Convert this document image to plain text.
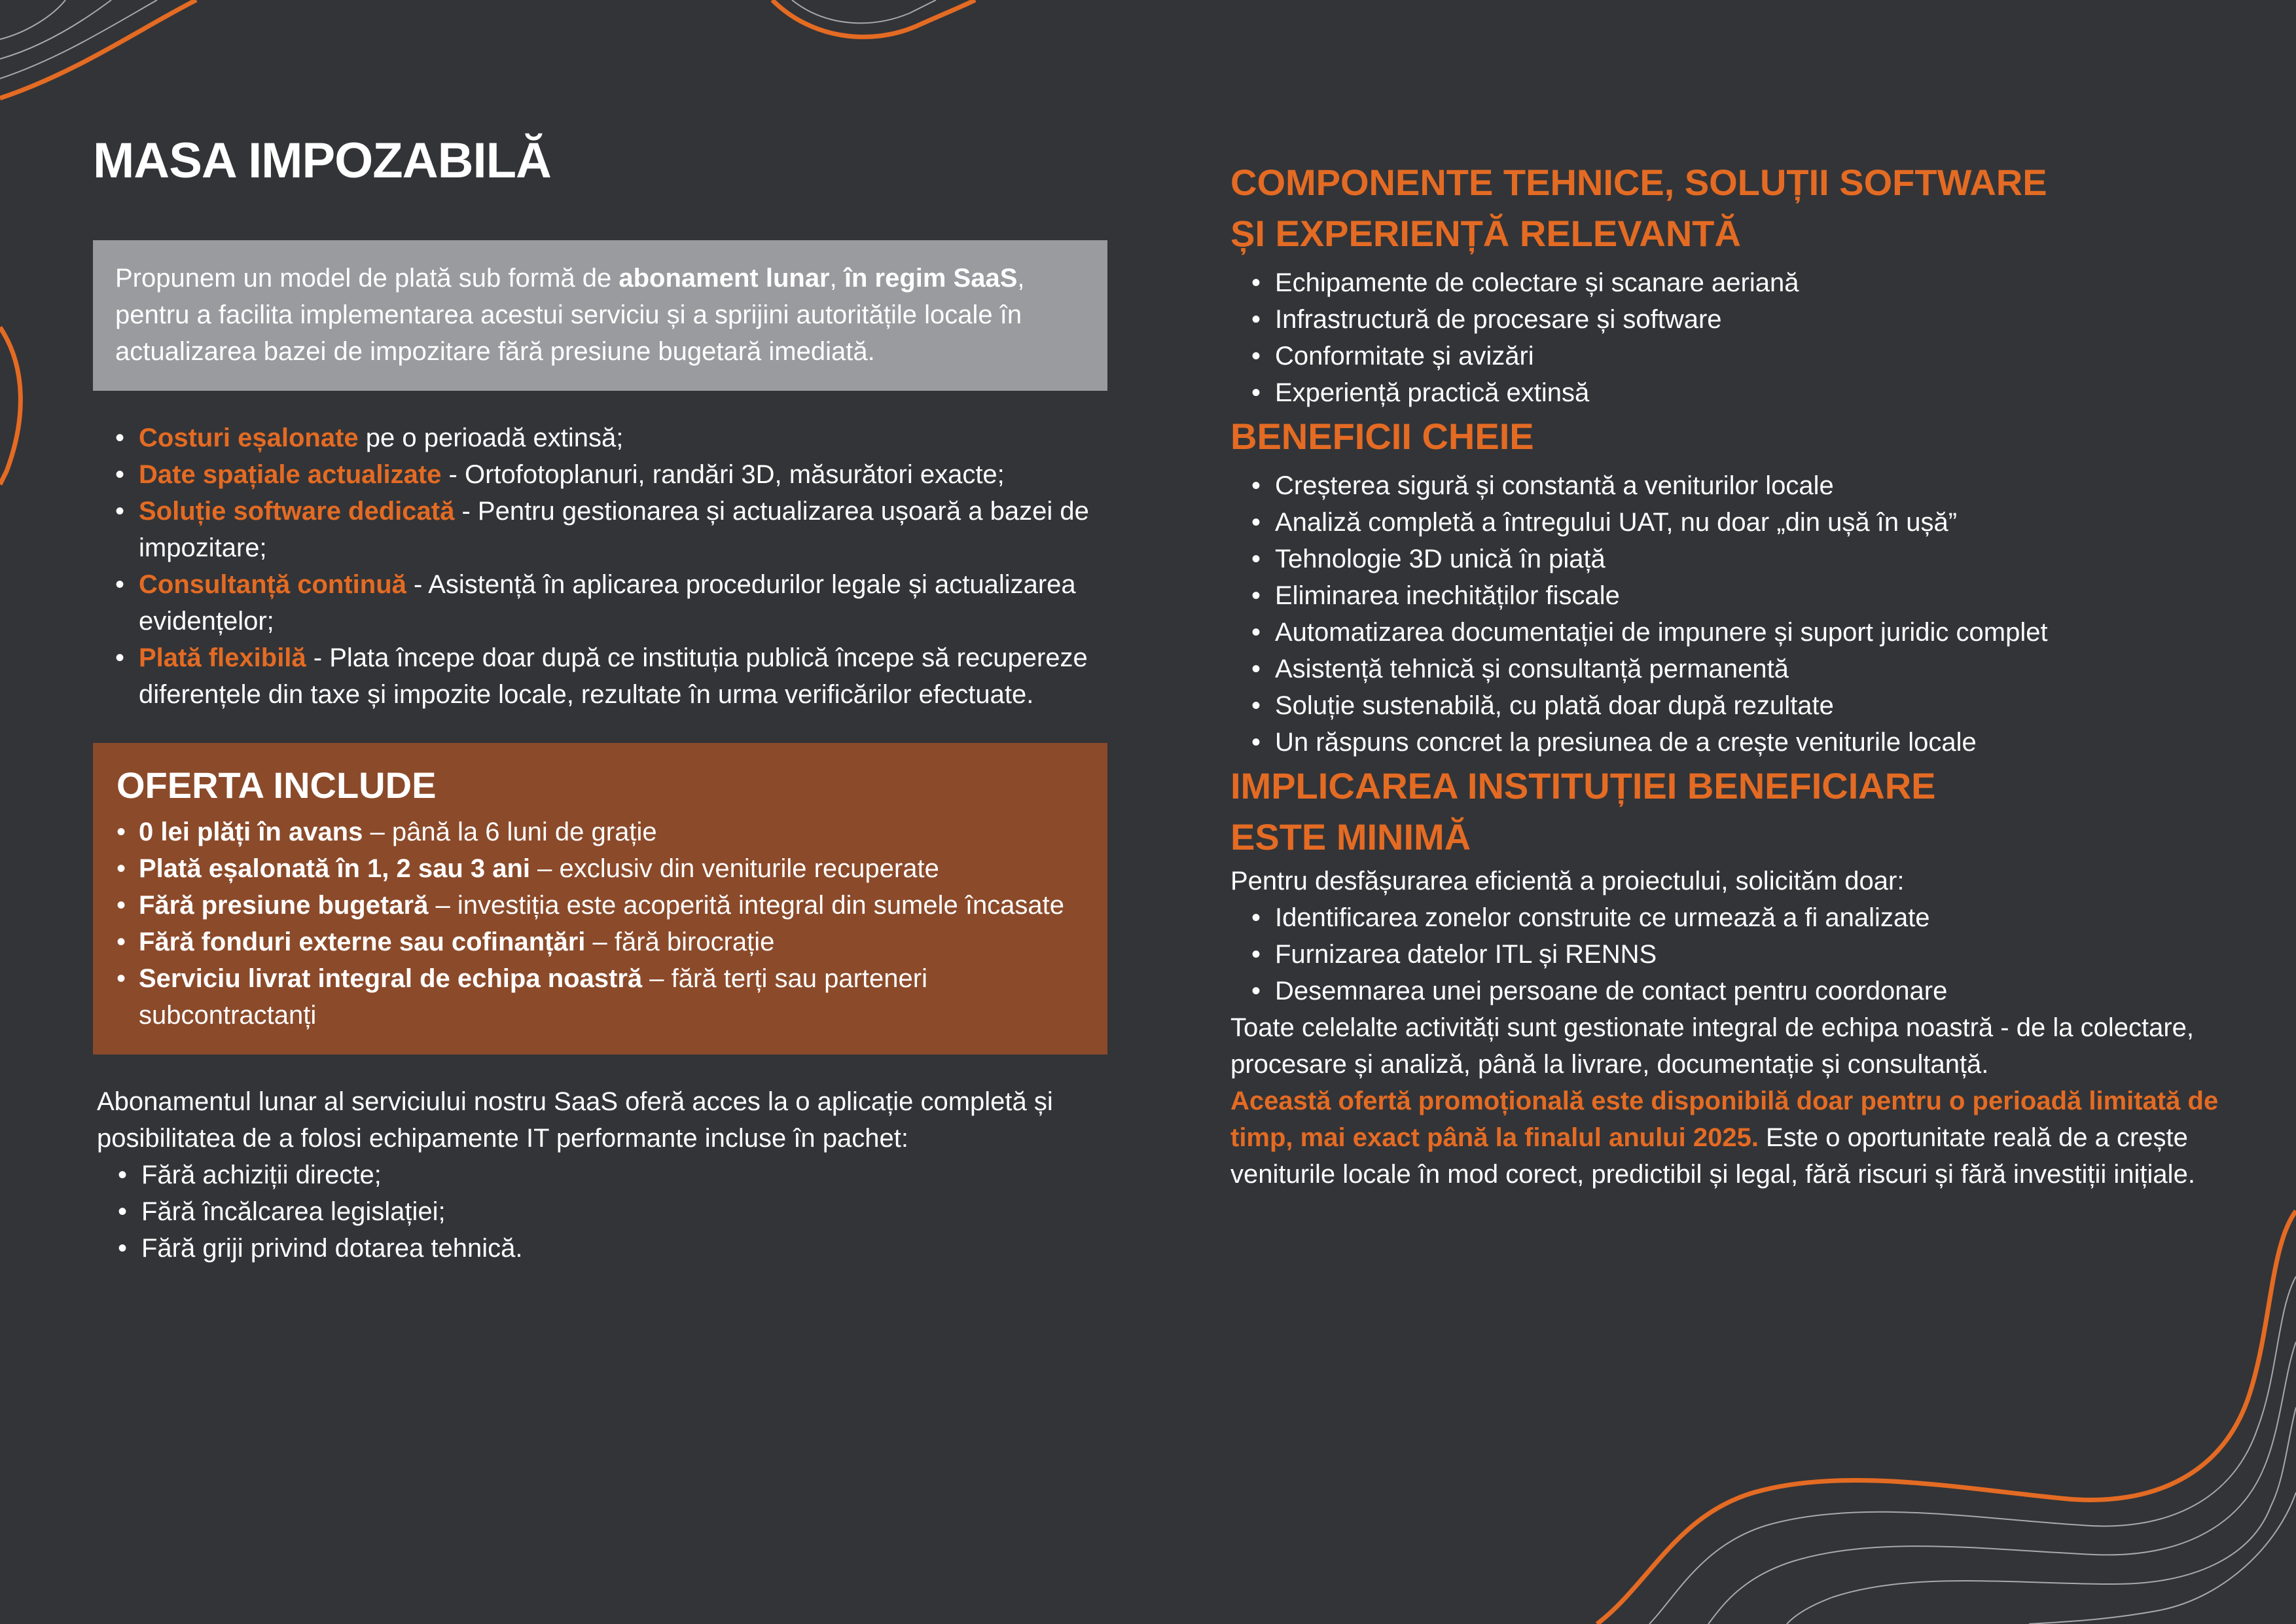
MASA IMPOZABILĂ
Propunem un model de plată sub formă de abonament lunar, în regim SaaS, pentru a facilita implementarea acestui serviciu și a sprijini autoritățile locale în actualizarea bazei de impozitare fără presiune bugetară imediată.
• Costuri eșalonate pe o perioadă extinsă;
• Date spațiale actualizate - Ortofotoplanuri, randări 3D, măsurători exacte;
• Soluție software dedicată - Pentru gestionarea și actualizarea ușoară a bazei de impozitare;
• Consultanță continuă - Asistență în aplicarea procedurilor legale și actualizarea evidențelor;
• Plată flexibilă - Plata începe doar după ce instituția publică începe să recupereze diferențele din taxe și impozite locale, rezultate în urma verificărilor efectuate.
OFERTA INCLUDE
• 0 lei plăți în avans – până la 6 luni de grație
• Plată eșalonată în 1, 2 sau 3 ani – exclusiv din veniturile recuperate
• Fără presiune bugetară – investiția este acoperită integral din sumele încasate
• Fără fonduri externe sau cofinanțări – fără birocrație
• Serviciu livrat integral de echipa noastră – fără terți sau parteneri subcontractanți

Abonamentul lunar al serviciului nostru SaaS oferă acces la o aplicație completă și posibilitatea de a folosi echipamente IT performante incluse în pachet:

• Fără achiziții directe;
• Fără încălcarea legislației;
• Fără griji privind dotarea tehnică.
COMPONENTE TEHNICE, SOLUȚII SOFTWARE
ȘI EXPERIENȚĂ RELEVANTĂ
• Echipamente de colectare și scanare aeriană
• Infrastructură de procesare și software
• Conformitate și avizări
• Experiență practică extinsă
BENEFICII CHEIE
• Creșterea sigură și constantă a veniturilor locale
• Analiză completă a întregului UAT, nu doar „din ușă în ușă”
• Tehnologie 3D unică în piață
• Eliminarea inechităților fiscale
• Automatizarea documentației de impunere și suport juridic complet
• Asistență tehnică și consultanță permanentă
• Soluție sustenabilă, cu plată doar după rezultate
• Un răspuns concret la presiunea de a crește veniturile locale
IMPLICAREA INSTITUȚIEI BENEFICIARE
ESTE MINIMĂ

Pentru desfășurarea eficientă a proiectului, solicităm doar:

• Identificarea zonelor construite ce urmează a fi analizate
• Furnizarea datelor ITL și RENNS
• Desemnarea unei persoane de contact pentru coordonare

Toate celelalte activități sunt gestionate integral de echipa noastră - de la colectare, procesare și analiză, până la livrare, documentație și consultanță.

Această ofertă promoțională este disponibilă doar pentru o perioadă limitată de timp, mai exact până la finalul anului 2025. Este o oportunitate reală de a crește veniturile locale în mod corect, predictibil și legal, fără riscuri și fără investiții inițiale.
